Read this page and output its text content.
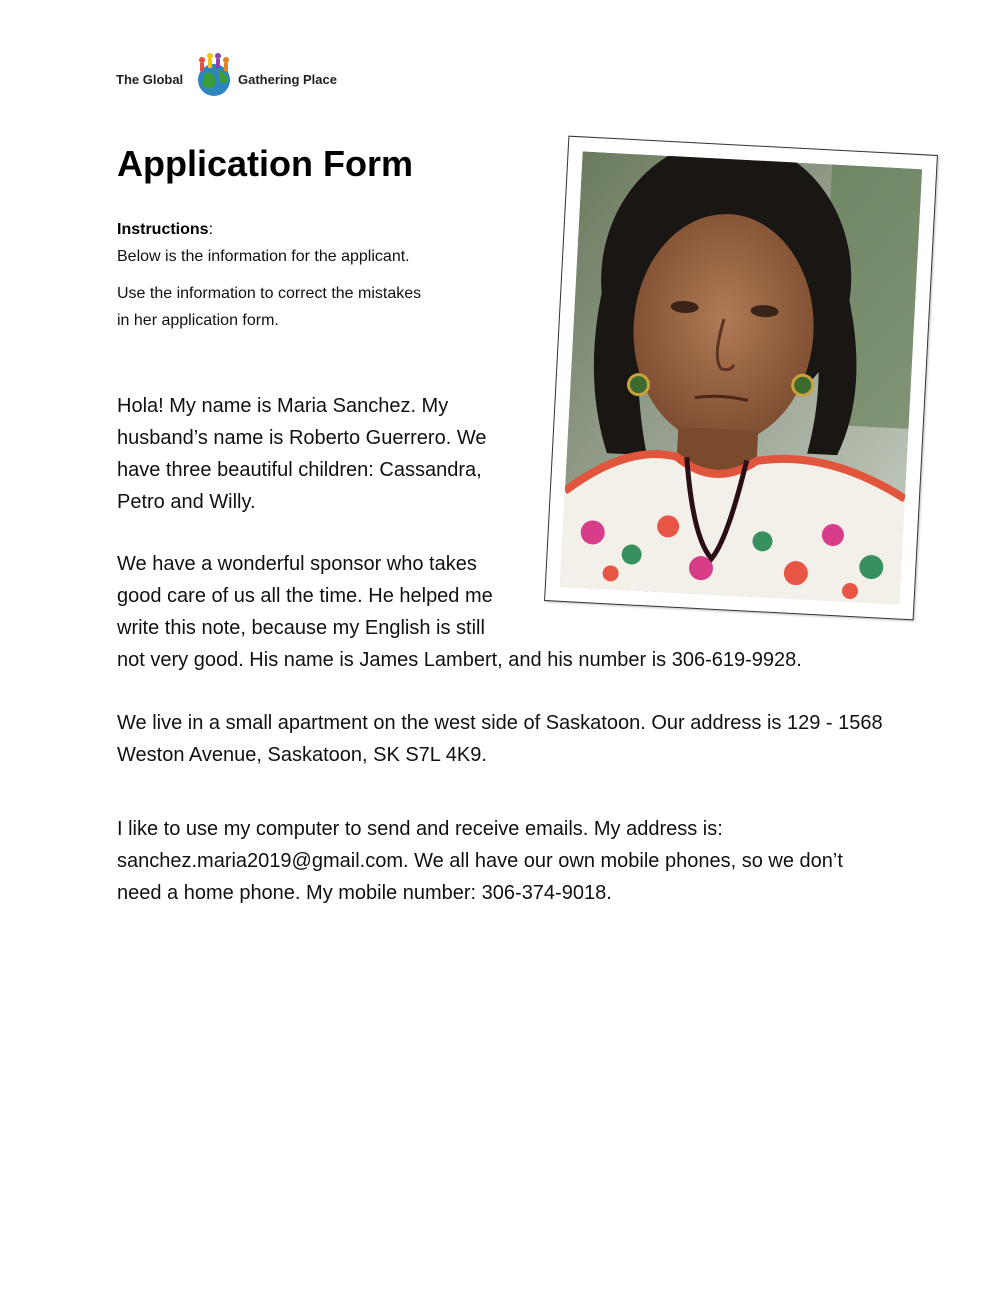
The Global	Gathering Place
Application Form
Instructions:
Below is the information for the applicant.
Use the information to correct the mistakes
in her application form.
Hola! My name is Maria Sanchez. My
husband’s name is Roberto Guerrero. We
have three beautiful children: Cassandra,
Petro and Willy.
We have a wonderful sponsor who takes
good care of us all the time. He helped me
write this note, because my English is still
not very good. His name is James Lambert, and his number is 306-619-9928.
We live in a small apartment on the west side of Saskatoon. Our address is 129 - 1568
Weston Avenue, Saskatoon, SK S7L 4K9.
I like to use my computer to send and receive emails. My address is:
sanchez.maria2019@gmail.com. We all have our own mobile phones, so we don’t
need a home phone. My mobile number: 306-374-9018.
